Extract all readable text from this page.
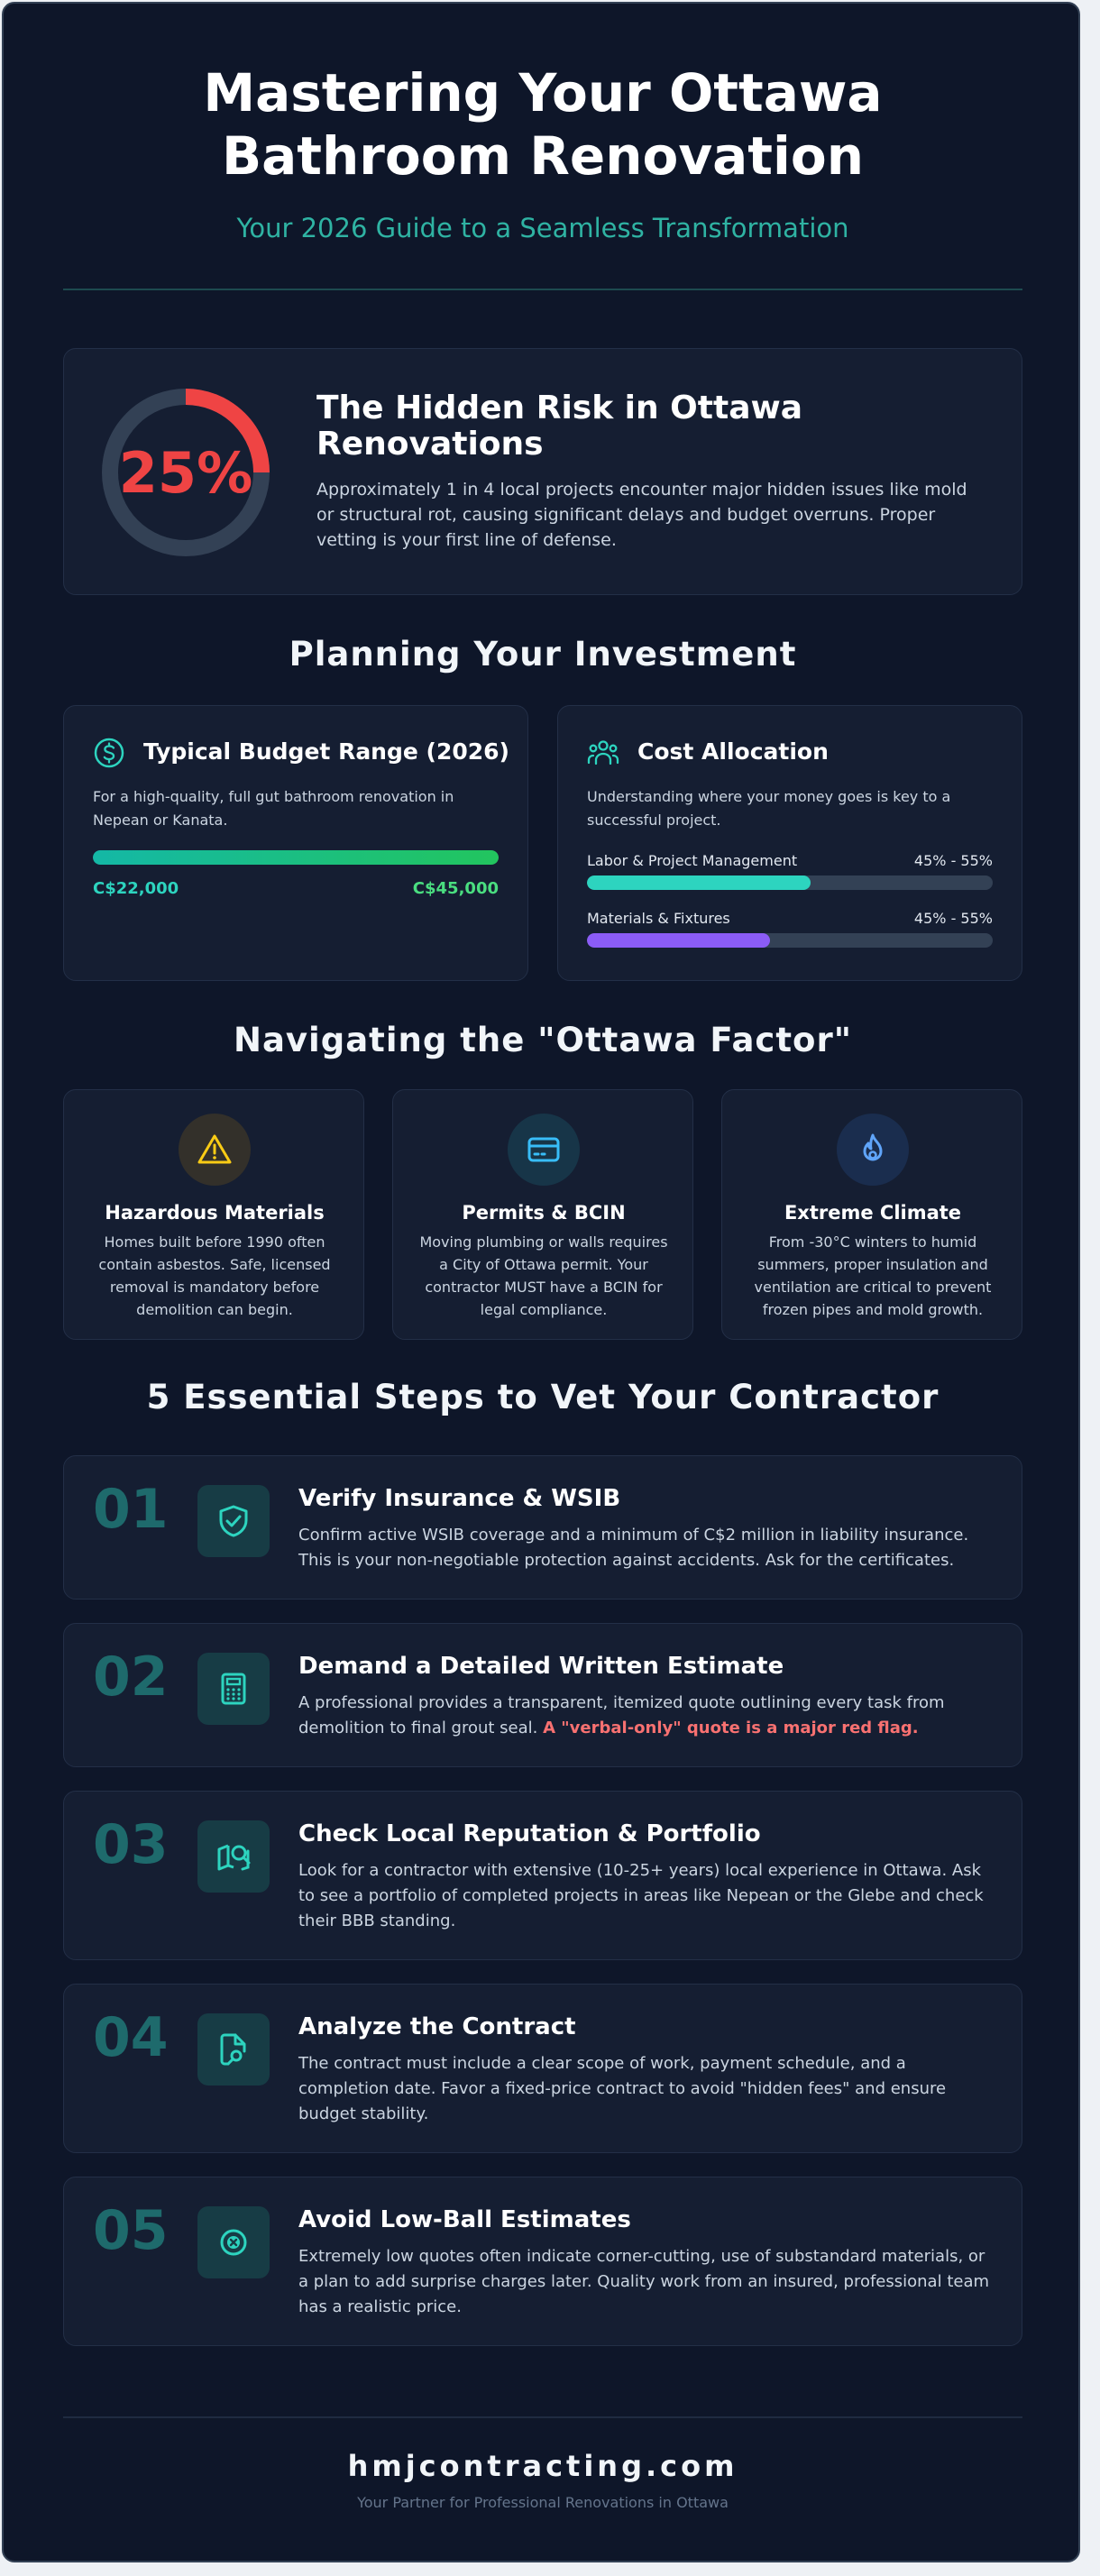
Mastering Your Ottawa Bathroom Renovation
Your 2026 Guide to a Seamless Transformation
25%
The Hidden Risk in Ottawa Renovations

Approximately 1 in 4 local projects encounter major hidden issues like mold or structural rot, causing significant delays and budget overruns. Proper vetting is your first line of defense.

Planning Your Investment
Typical Budget Range (2026)

For a high-quality, full gut bathroom renovation in Nepean or Kanata.

C$22,000	C$45,000
Cost Allocation

Understanding where your money goes is key to a successful project.

Labor & Project Management	45% - 55%
Materials & Fixtures	45% - 55%
Navigating the "Ottawa Factor"
Hazardous Materials

Homes built before 1990 often contain asbestos. Safe, licensed removal is mandatory before demolition can begin.

Permits & BCIN

Moving plumbing or walls requires a City of Ottawa permit. Your contractor MUST have a BCIN for legal compliance.

Extreme Climate

From -30°C winters to humid summers, proper insulation and ventilation are critical to prevent frozen pipes and mold growth.

5 Essential Steps to Vet Your Contractor
01	Verify Insurance & WSIB

Confirm active WSIB coverage and a minimum of C$2 million in liability insurance. This is your non-negotiable protection against accidents. Ask for the certificates.

02	Demand a Detailed Written Estimate

A professional provides a transparent, itemized quote outlining every task from demolition to final grout seal. A "verbal-only" quote is a major red flag.

03	Check Local Reputation & Portfolio

Look for a contractor with extensive (10-25+ years) local experience in Ottawa. Ask to see a portfolio of completed projects in areas like Nepean or the Glebe and check their BBB standing.

04	Analyze the Contract

The contract must include a clear scope of work, payment schedule, and a completion date. Favor a fixed-price contract to avoid "hidden fees" and ensure budget stability.

05	Avoid Low-Ball Estimates

Extremely low quotes often indicate corner-cutting, use of substandard materials, or a plan to add surprise charges later. Quality work from an insured, professional team has a realistic price.

hmjcontracting.com
Your Partner for Professional Renovations in Ottawa
